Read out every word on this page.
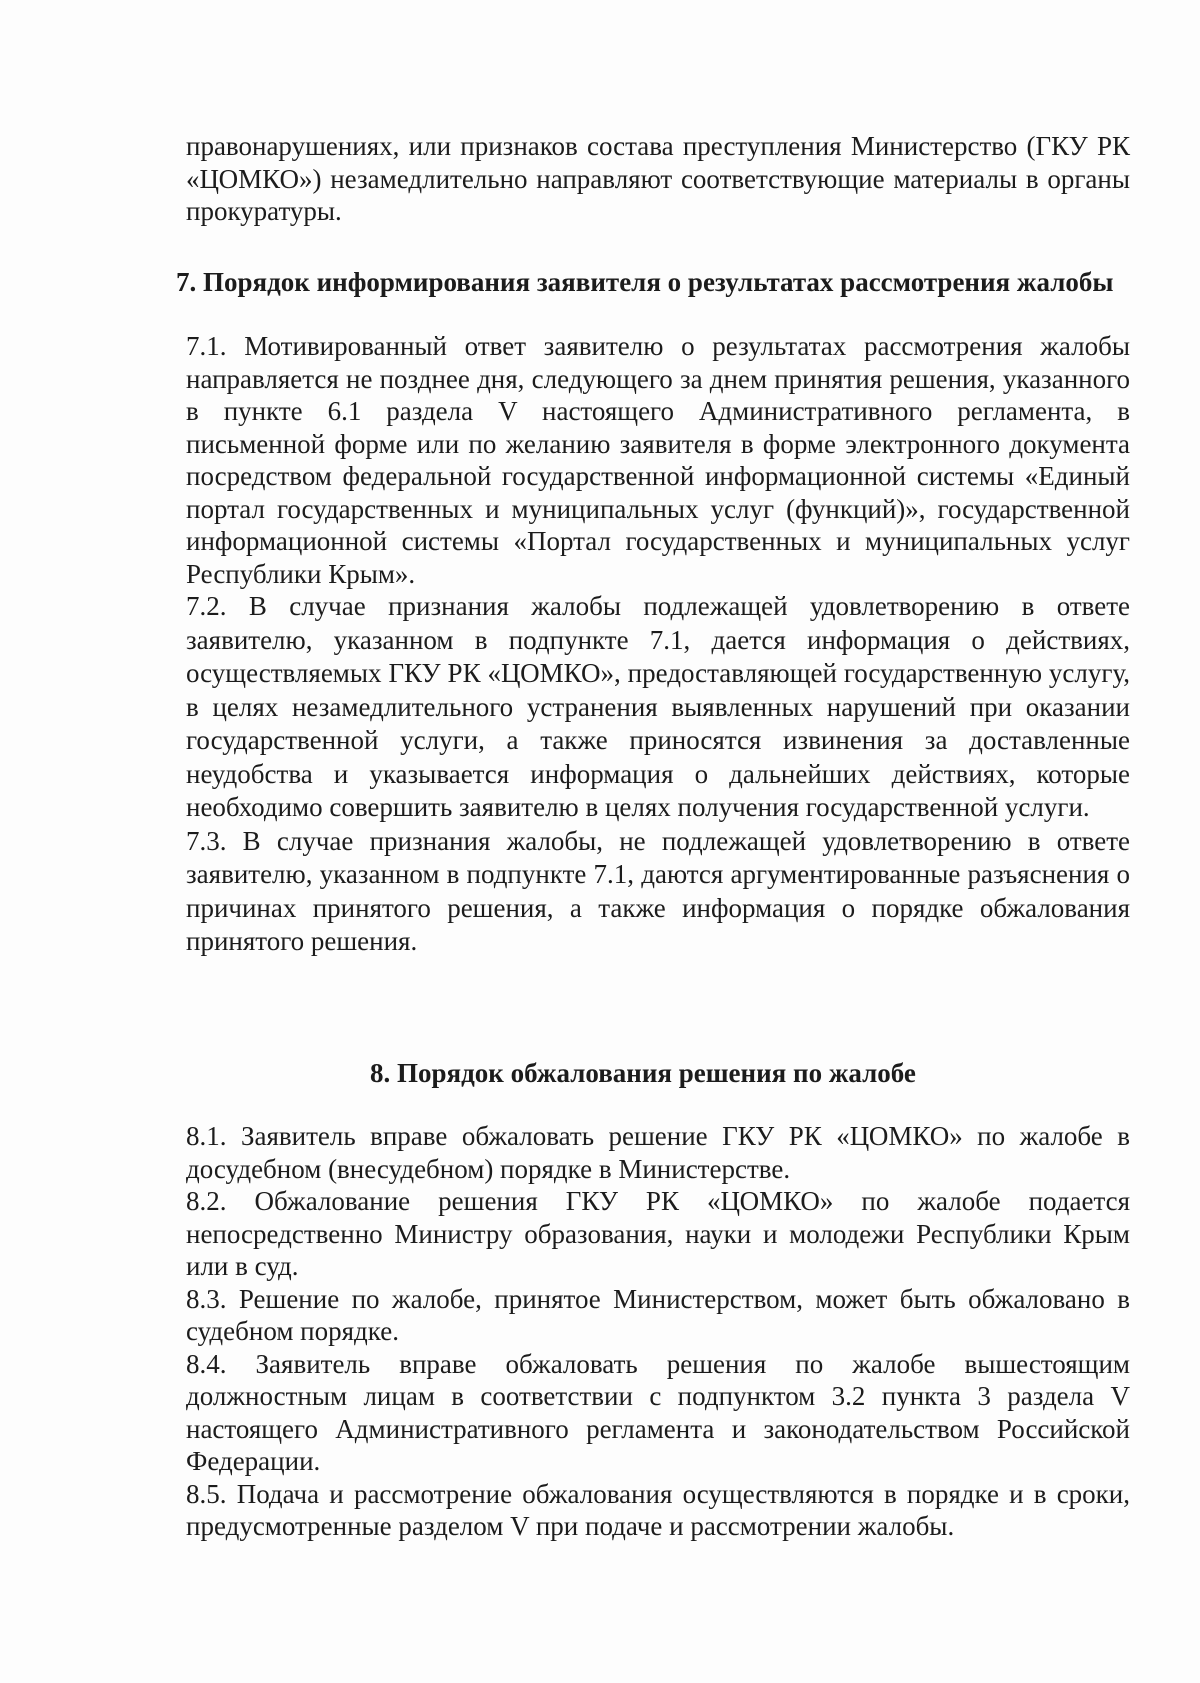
правонарушениях, или признаков состава преступления Министерство (ГКУ РК «ЦОМКО») незамедлительно направляют соответствующие материалы в органы прокуратуры.

7. Порядок информирования заявителя о результатах рассмотрения жалобы

7.1. Мотивированный ответ заявителю о результатах рассмотрения жалобы направляется не позднее дня, следующего за днем принятия решения, указанного в пункте 6.1 раздела V настоящего Административного регламента, в письменной форме или по желанию заявителя в форме электронного документа посредством федеральной государственной информационной системы «Единый портал государственных и муниципальных услуг (функций)», государственной информационной системы «Портал государственных и муниципальных услуг Республики Крым».

7.2. В случае признания жалобы подлежащей удовлетворению в ответе заявителю, указанном в подпункте 7.1, дается информация о действиях, осуществляемых ГКУ РК «ЦОМКО», предоставляющей государственную услугу, в целях незамедлительного устранения выявленных нарушений при оказании государственной услуги, а также приносятся извинения за доставленные неудобства и указывается информация о дальнейших действиях, которые необходимо совершить заявителю в целях получения государственной услуги.

7.3. В случае признания жалобы, не подлежащей удовлетворению в ответе заявителю, указанном в подпункте 7.1, даются аргументированные разъяснения о причинах принятого решения, а также информация о порядке обжалования принятого решения.

8. Порядок обжалования решения по жалобе

8.1. Заявитель вправе обжаловать решение ГКУ РК «ЦОМКО» по жалобе в досудебном (внесудебном) порядке в Министерстве.

8.2. Обжалование решения ГКУ РК «ЦОМКО» по жалобе подается непосредственно Министру образования, науки и молодежи Республики Крым или в суд.

8.3. Решение по жалобе, принятое Министерством, может быть обжаловано в судебном порядке.

8.4. Заявитель вправе обжаловать решения по жалобе вышестоящим должностным лицам в соответствии с подпунктом 3.2 пункта 3 раздела V настоящего Административного регламента и законодательством Российской Федерации.

8.5. Подача и рассмотрение обжалования осуществляются в порядке и в сроки, предусмотренные разделом V при подаче и рассмотрении жалобы.
